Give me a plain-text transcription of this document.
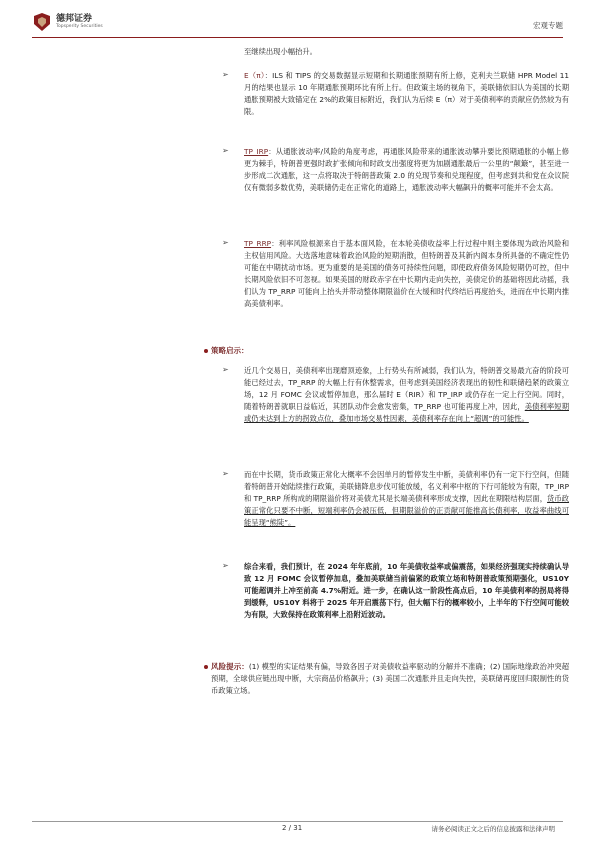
德邦证券
Topsperity Securities	宏观专题
至继续出现小幅抬升。
➢ E（π）：ILS 和 TIPS 的交易数据显示短期和长期通胀预期有所上修，克利夫兰联储 HPR Model 11 月的结果也显示 10 年期通胀预期环比有所上行。但政策主场的视角下，美联储依旧认为美国的长期通胀预期被大致锚定在 2%的政策目标附近，我们认为后续 E（π）对于美债利率的贡献应仍然较为有限。
➢ TP_IRP：从通胀波动率/风险的角度考虑，再通胀风险带来的通胀波动攀升要比预期通胀的小幅上修更为棘手，特朗普更强时政扩张倾向和时政支出强度将更为加剧通胀最后一公里的“颠簸”，甚至进一步形成二次通胀，这一点将取决于特朗普政策 2.0 的兑现节奏和兑现程度，但考虑到共和党在众议院仅有微弱多数优势，美联储仍走在正常化的道路上，通胀波动率大幅飙升的概率可能并不会太高。
➢ TP_RRP：利率风险根源来自于基本面风险，在本轮美债收益率上行过程中则主要体现为政治风险和主权信用风险。大选落地意味着政治风险的短期消散，但特朗普及其新内阁本身所具备的不确定性仍可能在中期扰动市场。更为重要的是美国的债务可持续性问题，即使政府债务风险短期仍可控，但中长期风险依旧不可忽视。如果美国的财政赤字在中长期内走向失控，美债定价的基础将因此动摇，我们认为 TP_RRP 可能向上抬头并带动整体期限溢价在大缓和时代终结后再度抬头，进而在中长期内推高美债利率。
策略启示：
➢ 近几个交易日，美债利率出现磨顶迹象，上行势头有所减弱，我们认为，特朗普交易最亢奋的阶段可能已经过去，TP_RRP 的大幅上行有休整需求，但考虑到美国经济表现出的韧性和联储趋紧的政策立场，12 月 FOMC 会议或暂停加息，那么届时 E（RIR）和 TP_IRP 或仍存在一定上行空间。同时，随着特朗普就职日益临近，其团队动作会愈发密集，TP_RRP 也可能再度上冲，因此，美债利率短期或仍未达到上方的拐致点位，叠加市场交易性因素，美债利率存在向上“超调”的可能性。
➢ 而在中长期，货币政策正常化大概率不会因单月的暂停发生中断，美债利率仍有一定下行空间，但随着特朗普开始陆续推行政策，美联储降息步伐可能放缓，名义利率中枢的下行可能较为有限，TP_IRP 和 TP_RRP 所构成的期限溢价将对美债尤其是长端美债利率形成支撑，因此在期限结构层面，货币政策正常化只要不中断，短端利率仍会被压低，但期限溢价的正贡献可能推高长债利率，收益率曲线可能呈现“熊陡”。
➢ 综合来看，我们预计，在 2024 年年底前，10 年美债收益率或偏震荡，如果经济强现实持续确认导致 12 月 FOMC 会议暂停加息，叠加美联储当前偏紧的政策立场和特朗普政策预期强化，US10Y 可能超调并上冲至前高 4.7%附近。进一步，在确认这一阶段性高点后，10 年美债利率的拐局将得到缓释，US10Y 料将于 2025 年开启震荡下行，但大幅下行的概率较小，上半年的下行空间可能较为有限，大致保持在政策利率上沿附近波动。
风险提示：(1) 模型的实证结果有偏，导致各因子对美债收益率驱动的分解并不准确；(2) 国际地缘政治冲突超预期，全球供应链出现中断，大宗商品价格飙升；(3) 美国二次通胀并且走向失控，美联储再度回归限制性的货币政策立场。
2 / 31	请务必阅读正文之后的信息披露和法律声明
